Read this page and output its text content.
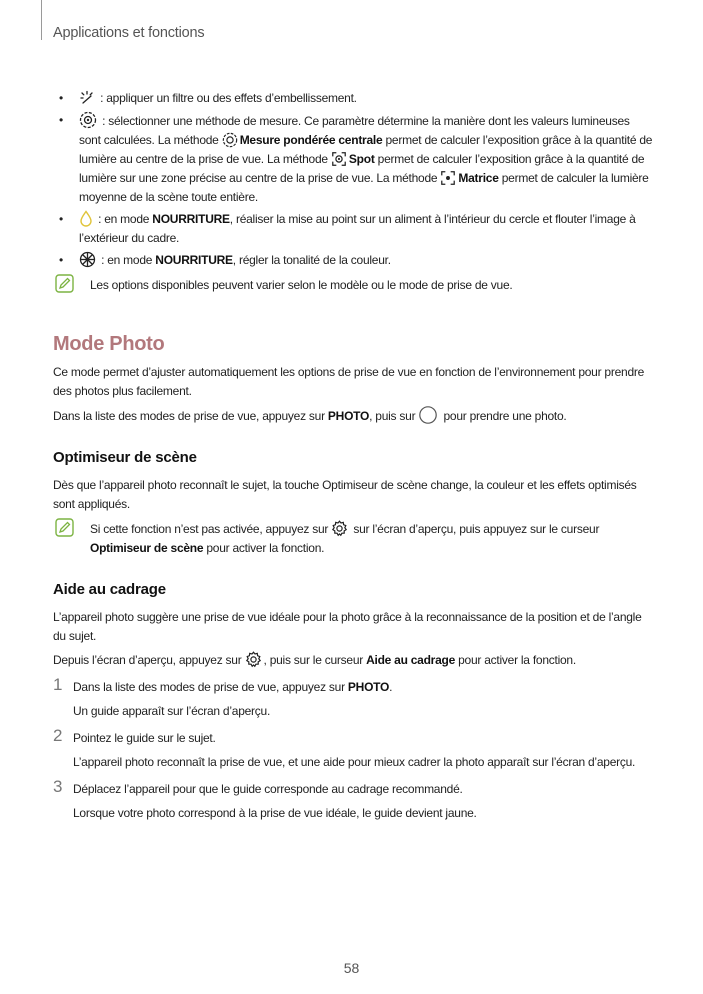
Applications et fonctions
•	: appliquer un filtre ou des effets d’embellissement.
•	: sélectionner une méthode de mesure. Ce paramètre détermine la manière dont les valeurs lumineuses sont calculées. La méthode
Mesure pondérée centrale permet de calculer l’exposition grâce à la quantité de lumière au centre de la prise de vue. La méthode
Spot permet de calculer l’exposition grâce à la quantité de lumière sur une zone précise au centre de la prise de vue. La méthode
Matrice permet de calculer la lumière moyenne de la scène toute entière.
•	: en mode NOURRITURE, réaliser la mise au point sur un aliment à l’intérieur du cercle et flouter l’image à l’extérieur du cadre.
•	: en mode NOURRITURE, régler la tonalité de la couleur.
Les options disponibles peuvent varier selon le modèle ou le mode de prise de vue.
Mode Photo

Ce mode permet d’ajuster automatiquement les options de prise de vue en fonction de l’environnement pour prendre des photos plus facilement.

Dans la liste des modes de prise de vue, appuyez sur PHOTO, puis sur
pour prendre une photo.

Optimiseur de scène

Dès que l’appareil photo reconnaît le sujet, la touche Optimiseur de scène change, la couleur et les effets optimisés sont appliqués.

Si cette fonction n’est pas activée, appuyez sur
sur l’écran d’aperçu, puis appuyez sur le curseur Optimiseur de scène pour activer la fonction.
Aide au cadrage

L’appareil photo suggère une prise de vue idéale pour la photo grâce à la reconnaissance de la position et de l’angle du sujet.

Depuis l’écran d’aperçu, appuyez sur
, puis sur le curseur Aide au cadrage pour activer la fonction.

1 Dans la liste des modes de prise de vue, appuyez sur PHOTO.

Un guide apparaît sur l’écran d’aperçu.

2 Pointez le guide sur le sujet.

L’appareil photo reconnaît la prise de vue, et une aide pour mieux cadrer la photo apparaît sur l’écran d’aperçu.

3 Déplacez l’appareil pour que le guide corresponde au cadrage recommandé.

Lorsque votre photo correspond à la prise de vue idéale, le guide devient jaune.

58
